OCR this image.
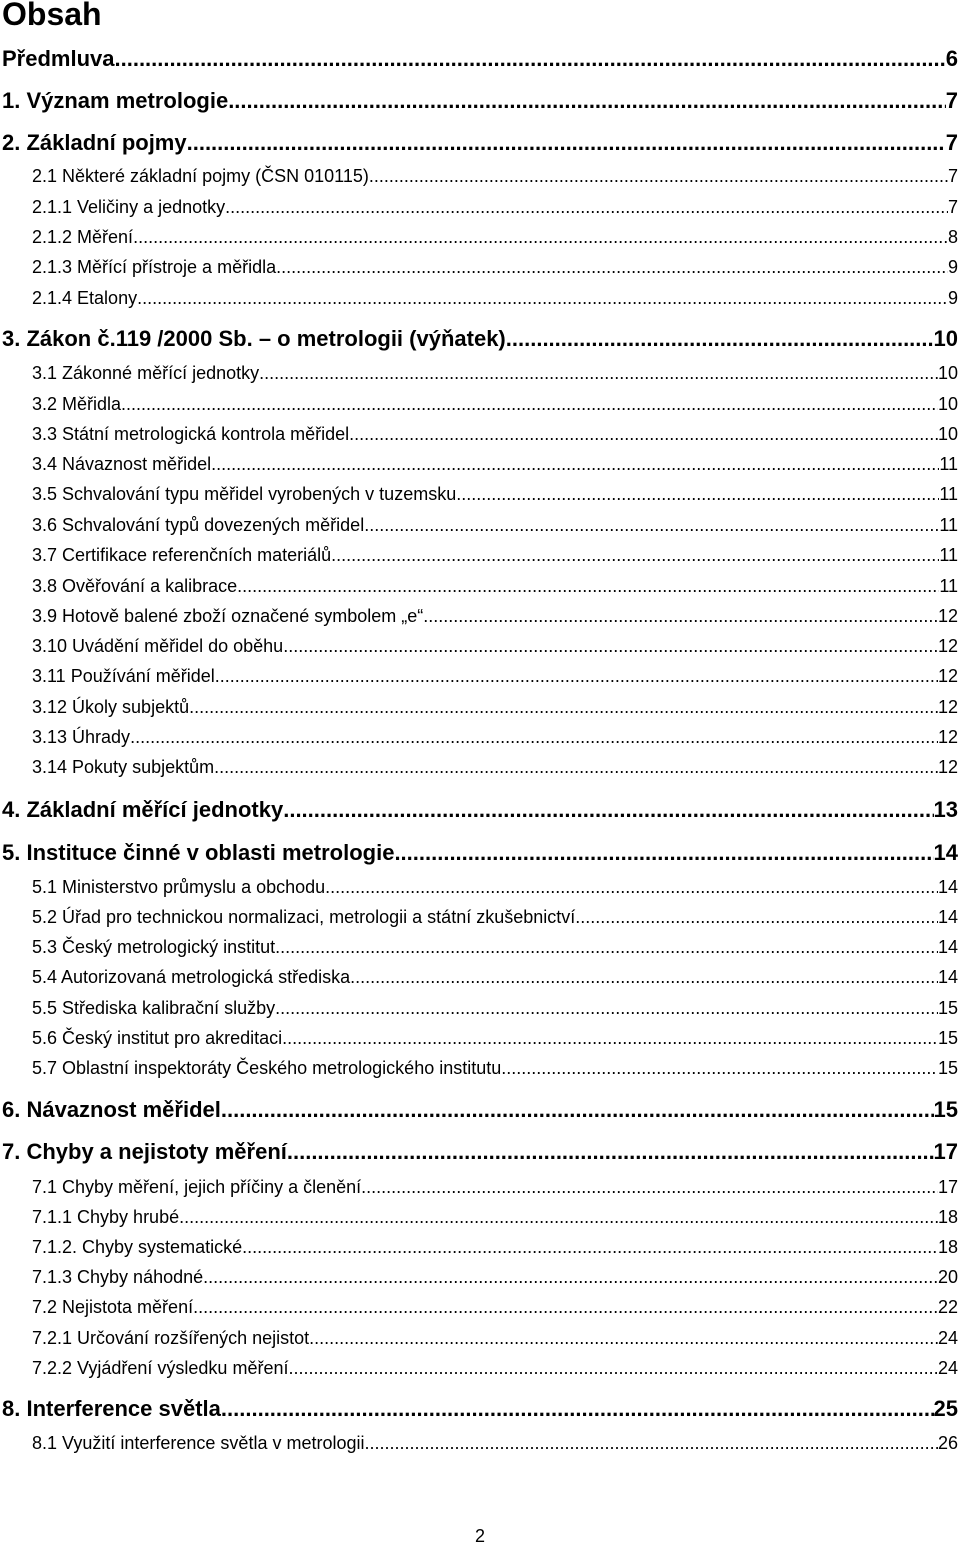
Obsah
Předmluva .....	6
1. Význam metrologie .....	7
2. Základní pojmy .....	7
2.1 Některé základní pojmy (ČSN 010115) .....	7
2.1.1 Veličiny a jednotky .....	7
2.1.2 Měření .....	8
2.1.3 Měřící přístroje a měřidla .....	9
2.1.4 Etalony .....	9
3. Zákon č.119 /2000 Sb. – o metrologii (výňatek) .....	10
3.1 Zákonné měřící jednotky .....	10
3.2 Měřidla .....	10
3.3 Státní metrologická kontrola měřidel .....	10
3.4 Návaznost měřidel .....	11
3.5 Schvalování typu měřidel vyrobených v tuzemsku .....	11
3.6 Schvalování typů dovezených měřidel .....	11
3.7 Certifikace referenčních materiálů .....	11
3.8 Ověřování a kalibrace .....	11
3.9 Hotově balené zboží označené symbolem „e“ .....	12
3.10 Uvádění měřidel do oběhu .....	12
3.11 Používání měřidel .....	12
3.12 Úkoly subjektů .....	12
3.13 Úhrady .....	12
3.14 Pokuty subjektům .....	12
4. Základní měřící jednotky .....	13
5. Instituce činné v oblasti metrologie .....	14
5.1 Ministerstvo průmyslu a obchodu .....	14
5.2 Úřad pro technickou normalizaci, metrologii a státní zkušebnictví .....	14
5.3 Český metrologický institut .....	14
5.4 Autorizovaná metrologická střediska .....	14
5.5 Střediska kalibrační služby .....	15
5.6 Český institut pro akreditaci .....	15
5.7 Oblastní inspektoráty Českého metrologického institutu .....	15
6. Návaznost měřidel .....	15
7. Chyby a nejistoty měření .....	17
7.1 Chyby měření, jejich příčiny a členění .....	17
7.1.1 Chyby hrubé .....	18
7.1.2. Chyby systematické .....	18
7.1.3 Chyby náhodné .....	20
7.2 Nejistota měření .....	22
7.2.1 Určování rozšířených nejistot .....	24
7.2.2 Vyjádření výsledku měření .....	24
8. Interference světla .....	25
8.1 Využití interference světla v metrologii .....	26
2
